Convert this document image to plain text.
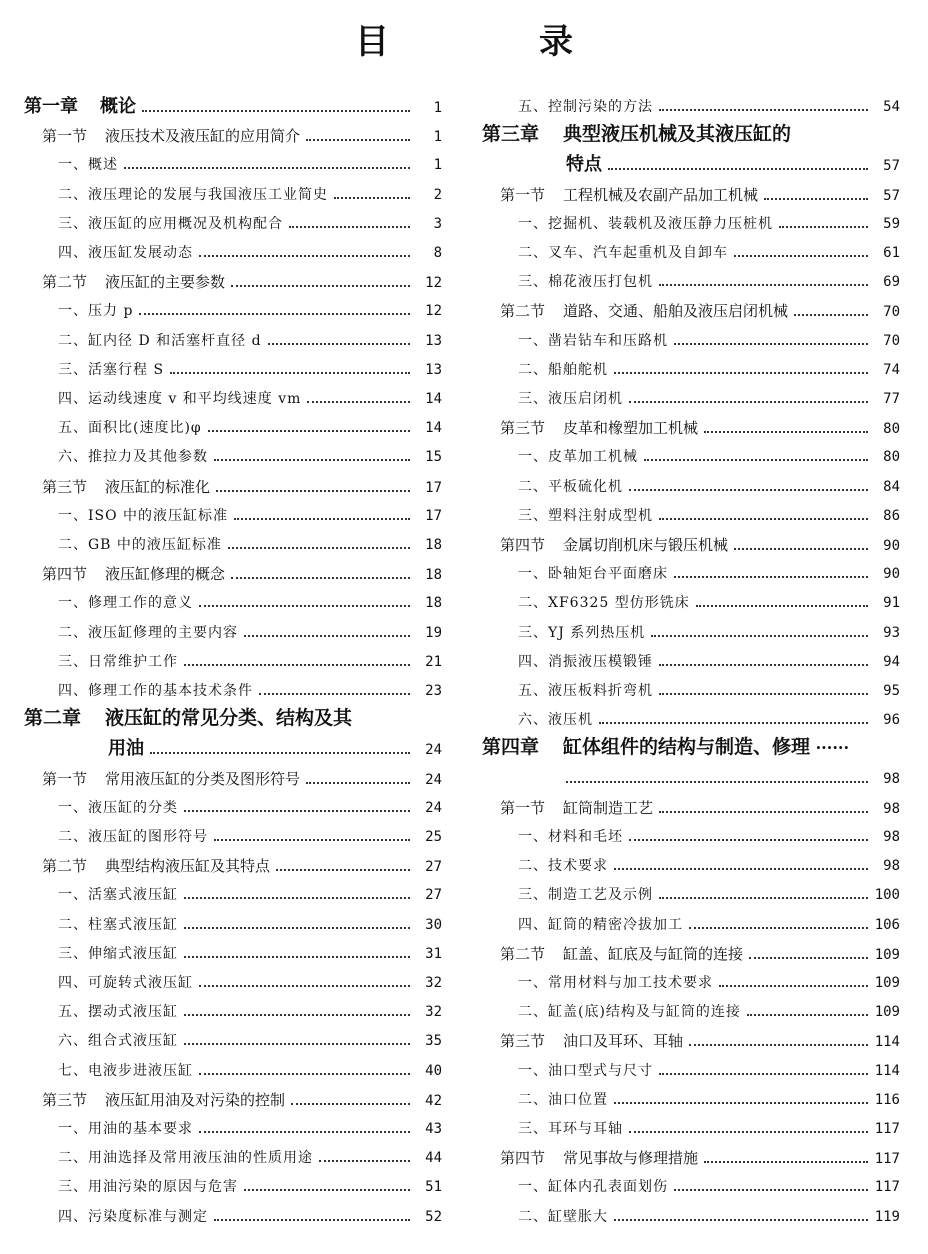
目　录
第一章 概论	1
第一节 液压技术及液压缸的应用简介	1
一、概述	1
二、液压理论的发展与我国液压工业简史	2
三、液压缸的应用概况及机构配合	3
四、液压缸发展动态	8
第二节 液压缸的主要参数	12
一、压力 p	12
二、缸内径 D 和活塞杆直径 d	13
三、活塞行程 S	13
四、运动线速度 v 和平均线速度 vm	14
五、面积比(速度比)φ	14
六、推拉力及其他参数	15
第三节 液压缸的标准化	17
一、ISO 中的液压缸标准	17
二、GB 中的液压缸标准	18
第四节 液压缸修理的概念	18
一、修理工作的意义	18
二、液压缸修理的主要内容	19
三、日常维护工作	21
四、修理工作的基本技术条件	23
第二章 液压缸的常见分类、结构及其
用油	24
第一节 常用液压缸的分类及图形符号	24
一、液压缸的分类	24
二、液压缸的图形符号	25
第二节 典型结构液压缸及其特点	27
一、活塞式液压缸	27
二、柱塞式液压缸	30
三、伸缩式液压缸	31
四、可旋转式液压缸	32
五、摆动式液压缸	32
六、组合式液压缸	35
七、电液步进液压缸	40
第三节 液压缸用油及对污染的控制	42
一、用油的基本要求	43
二、用油选择及常用液压油的性质用途	44
三、用油污染的原因与危害	51
四、污染度标准与测定	52
五、控制污染的方法	54
第三章 典型液压机械及其液压缸的
特点	57
第一节 工程机械及农副产品加工机械	57
一、挖掘机、装载机及液压静力压桩机	59
二、叉车、汽车起重机及自卸车	61
三、棉花液压打包机	69
第二节 道路、交通、船舶及液压启闭机械	70
一、凿岩钻车和压路机	70
二、船舶舵机	74
三、液压启闭机	77
第三节 皮革和橡塑加工机械	80
一、皮革加工机械	80
二、平板硫化机	84
三、塑料注射成型机	86
第四节 金属切削机床与锻压机械	90
一、卧轴矩台平面磨床	90
二、XF6325 型仿形铣床	91
三、YJ 系列热压机	93
四、消振液压模锻锤	94
五、液压板料折弯机	95
六、液压机	96
第四章 缸体组件的结构与制造、修理 ······
98
第一节 缸筒制造工艺	98
一、材料和毛坯	98
二、技术要求	98
三、制造工艺及示例	100
四、缸筒的精密冷拔加工	106
第二节 缸盖、缸底及与缸筒的连接	109
一、常用材料与加工技术要求	109
二、缸盖(底)结构及与缸筒的连接	109
第三节 油口及耳环、耳轴	114
一、油口型式与尺寸	114
二、油口位置	116
三、耳环与耳轴	117
第四节 常见事故与修理措施	117
一、缸体内孔表面划伤	117
二、缸壁胀大	119
